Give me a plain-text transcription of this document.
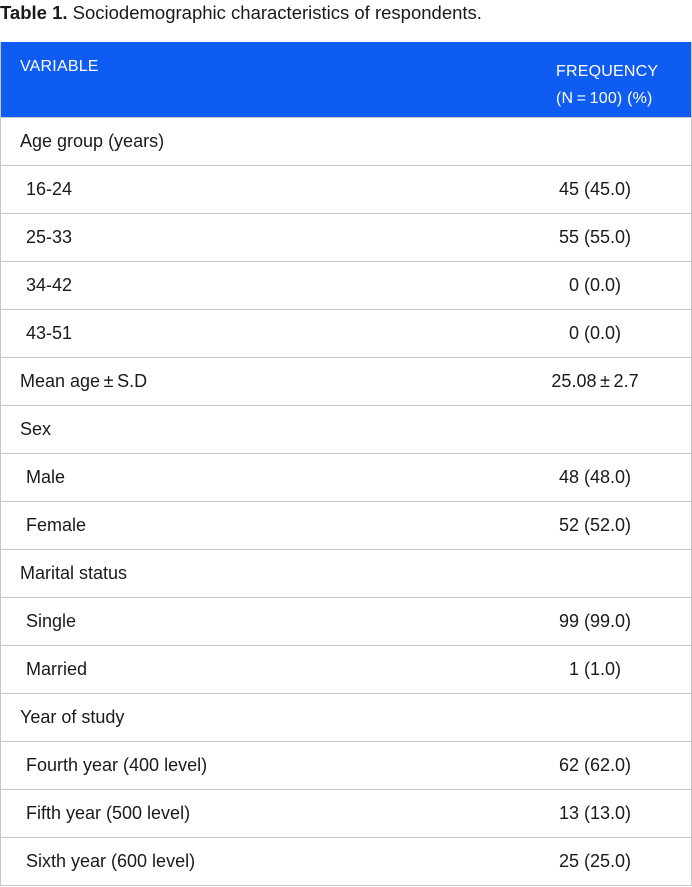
Table 1. Sociodemographic characteristics of respondents.
VARIABLE	FREQUENCY
(N = 100) (%)
Age group (years)
16-24	45 (45.0)
25-33	55 (55.0)
34-42	0 (0.0)
43-51	0 (0.0)
Mean age ± S.D	25.08 ± 2.7
Sex
Male	48 (48.0)
Female	52 (52.0)
Marital status
Single	99 (99.0)
Married	1 (1.0)
Year of study
Fourth year (400 level)	62 (62.0)
Fifth year (500 level)	13 (13.0)
Sixth year (600 level)	25 (25.0)
